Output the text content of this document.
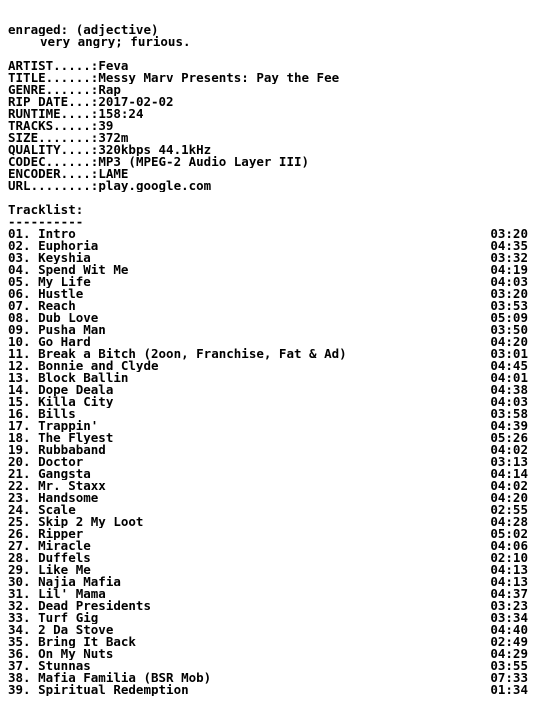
enraged: (adjective)
very angry; furious.
ARTIST.....: Feva
TITLE......: Messy Marv Presents: Pay the Fee
GENRE......: Rap
RIP DATE...: 2017-02-02
RUNTIME....: 158:24
TRACKS.....: 39
SIZE.......: 372m
QUALITY....: 320kbps 44.1kHz
CODEC......: MP3 (MPEG-2 Audio Layer III)
ENCODER....: LAME
URL........: play.google.com
Tracklist:
----------
01. Intro	03:20
02. Euphoria	04:35
03. Keyshia	03:32
04. Spend Wit Me	04:19
05. My Life	04:03
06. Hustle	03:20
07. Reach	03:53
08. Dub Love	05:09
09. Pusha Man	03:50
10. Go Hard	04:20
11. Break a Bitch (2oon, Franchise, Fat & Ad)	03:01
12. Bonnie and Clyde	04:45
13. Block Ballin	04:01
14. Dope Deala	04:38
15. Killa City	04:03
16. Bills	03:58
17. Trappin'	04:39
18. The Flyest	05:26
19. Rubbaband	04:02
20. Doctor	03:13
21. Gangsta	04:14
22. Mr. Staxx	04:02
23. Handsome	04:20
24. Scale	02:55
25. Skip 2 My Loot	04:28
26. Ripper	05:02
27. Miracle	04:06
28. Duffels	02:10
29. Like Me	04:13
30. Najia Mafia	04:13
31. Lil' Mama	04:37
32. Dead Presidents	03:23
33. Turf Gig	03:34
34. 2 Da Stove	04:40
35. Bring It Back	02:49
36. On My Nuts	04:29
37. Stunnas	03:55
38. Mafia Familia (BSR Mob)	07:33
39. Spiritual Redemption	01:34
